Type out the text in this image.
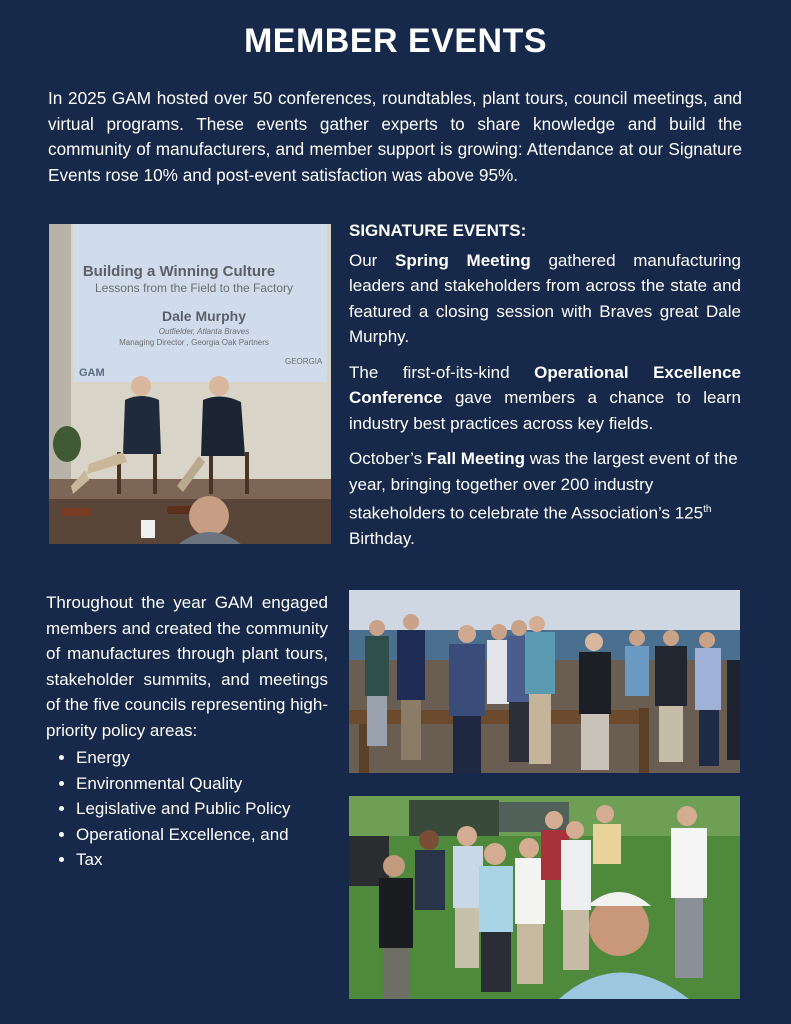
MEMBER EVENTS
In 2025 GAM hosted over 50 conferences, roundtables, plant tours, council meetings, and virtual programs. These events gather experts to share knowledge and build the community of manufacturers, and member support is growing: Attendance at our Signature Events rose 10% and post-event satisfaction was above 95%.
Building a Winning Culture
Lessons from the Field to the Factory
Dale Murphy
Outfielder, Atlanta Braves
Managing Director , Georgia Oak Partners
GAM
GEORGIA
SIGNATURE EVENTS:

Our Spring Meeting gathered manufacturing leaders and stakeholders from across the state and featured a closing session with Braves great Dale Murphy.

The first-of-its-kind Operational Excellence Conference gave members a chance to learn industry best practices across key fields.

October’s Fall Meeting was the largest event of the year, bringing together over 200 industry stakeholders to celebrate the Association’s 125th Birthday.

Throughout the year GAM engaged members and created the community of manufactures through plant tours, stakeholder summits, and meetings of the five councils representing high-priority policy areas:

• Energy
• Environmental Quality
• Legislative and Public Policy
• Operational Excellence, and
• Tax
